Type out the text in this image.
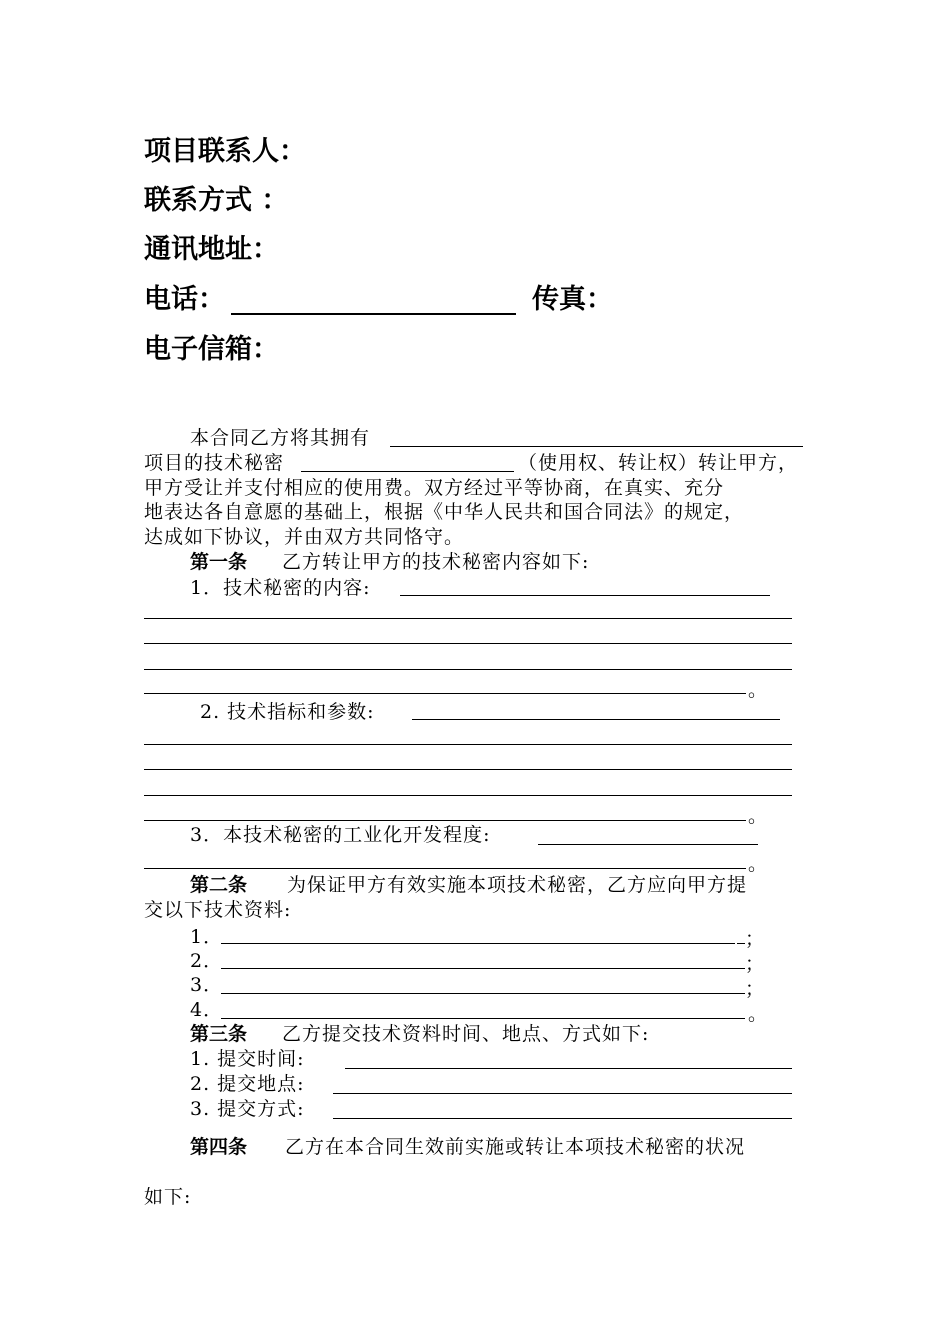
项目联系人：
联系方式 ：
通讯地址：
电话：	传真：
电子信箱：
本合同乙方将其拥有
项目的技术秘密	（使用权、转让权）转让甲方，
甲方受让并支付相应的使用费。双方经过平等协商，在真实、充分
地表达各自意愿的基础上，根据《中华人民共和国合同法》的规定，
达成如下协议，并由双方共同恪守。
第一条 乙方转让甲方的技术秘密内容如下:
1．技术秘密的内容:
。
2. 技术指标和参数:
。
3．本技术秘密的工业化开发程度:
。
第二条 为保证甲方有效实施本项技术秘密，乙方应向甲方提
交以下技术资料:
1．	；
2．	；
3．	；
4．	。
第三条 乙方提交技术资料时间、地点、方式如下:
1. 提交时间:
2. 提交地点:
3. 提交方式:
第四条 乙方在本合同生效前实施或转让本项技术秘密的状况
如下:
